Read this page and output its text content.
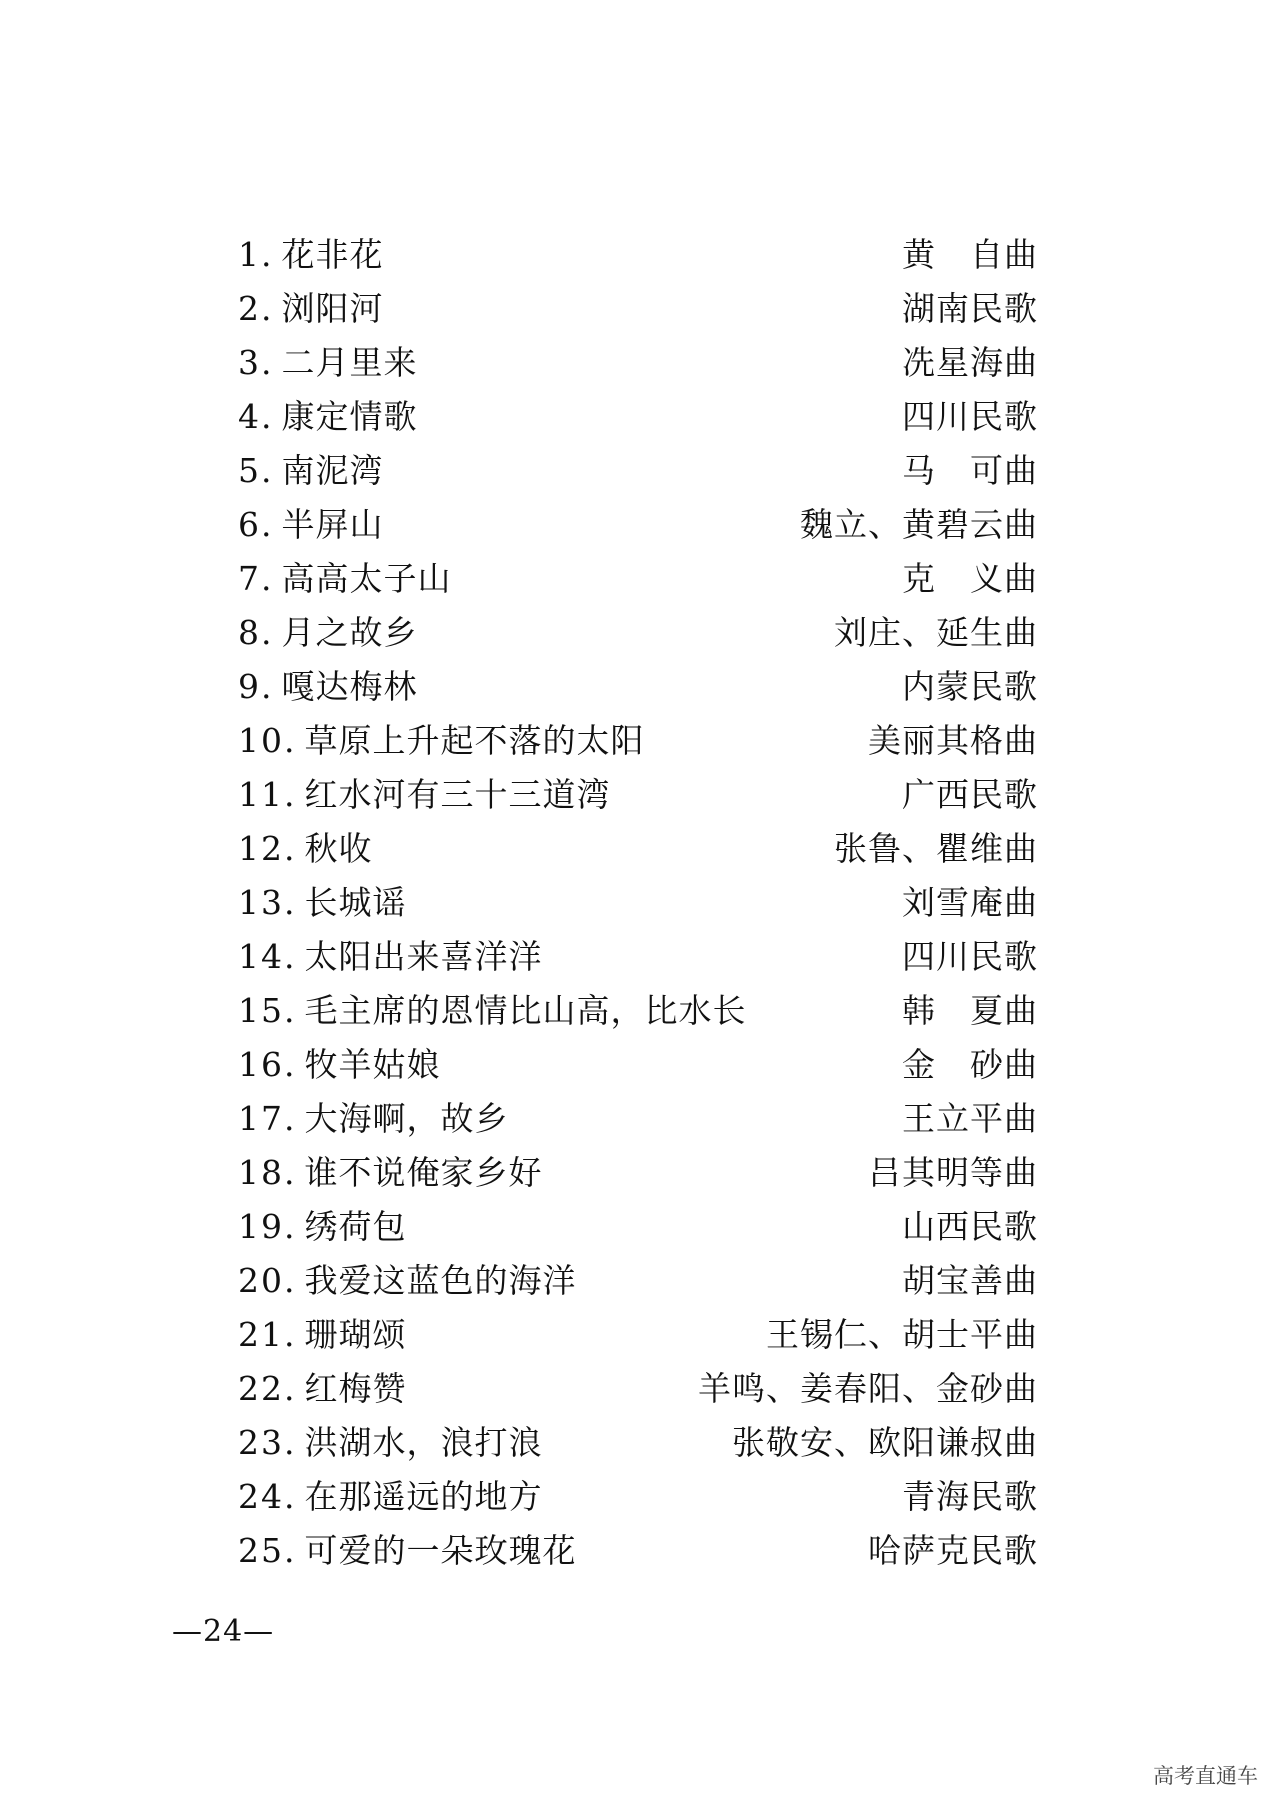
1. 花非花	黄　自曲
2. 浏阳河	湖南民歌
3. 二月里来	冼星海曲
4. 康定情歌	四川民歌
5. 南泥湾	马　可曲
6. 半屏山	魏立、黄碧云曲
7. 高高太子山	克　义曲
8. 月之故乡	刘庄、延生曲
9. 嘎达梅林	内蒙民歌
10. 草原上升起不落的太阳	美丽其格曲
11. 红水河有三十三道湾	广西民歌
12. 秋收	张鲁、瞿维曲
13. 长城谣	刘雪庵曲
14. 太阳出来喜洋洋	四川民歌
15. 毛主席的恩情比山高，比水长	韩　夏曲
16. 牧羊姑娘	金　砂曲
17. 大海啊，故乡	王立平曲
18. 谁不说俺家乡好	吕其明等曲
19. 绣荷包	山西民歌
20. 我爱这蓝色的海洋	胡宝善曲
21. 珊瑚颂	王锡仁、胡士平曲
22. 红梅赞	羊鸣、姜春阳、金砂曲
23. 洪湖水，浪打浪	张敬安、欧阳谦叔曲
24. 在那遥远的地方	青海民歌
25. 可爱的一朵玫瑰花	哈萨克民歌
—24—
高考直通车
